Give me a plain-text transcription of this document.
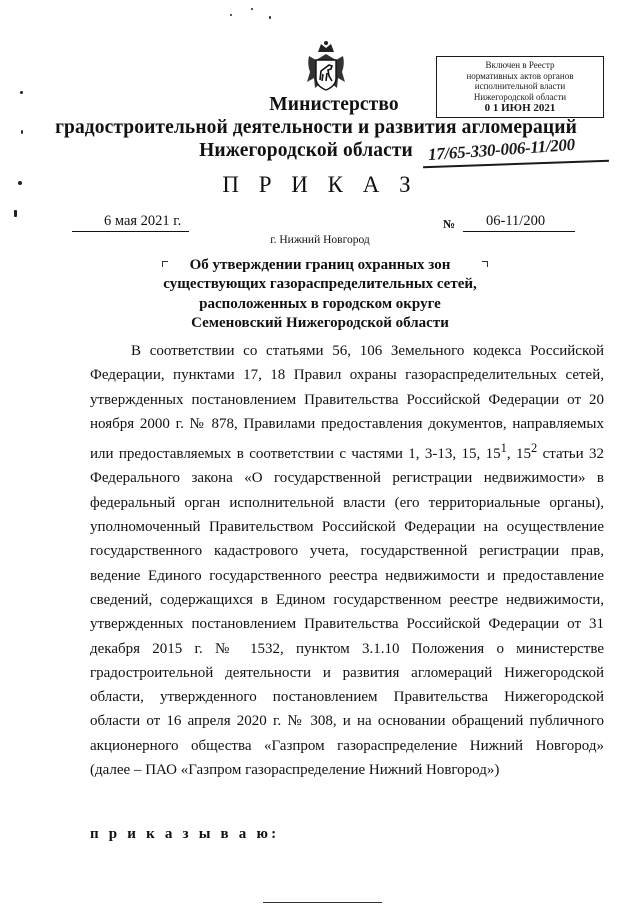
Включен в Реестр
нормативных актов органов
исполнительной власти
Нижегородской области
0 1 ИЮН 2021
Министерство
градостроительной деятельности и развития агломераций
Нижегородской области 17/65-330-006-11/200
П Р И К А З
6 мая 2021 г.	№ 06-11/200
г. Нижний Новгород
Об утверждении границ охранных зон
существующих газораспределительных сетей,
расположенных в городском округе
Семеновский Нижегородской области
В соответствии со статьями 56, 106 Земельного кодекса Российской Федерации, пунктами 17, 18 Правил охраны газораспределительных сетей, утвержденных постановлением Правительства Российской Федерации от 20 ноября 2000 г. № 878, Правилами предоставления документов, направляемых или предоставляемых в соответствии с частями 1, 3-13, 15, $15^1$, $15^2$ статьи 32 Федерального закона «О государственной регистрации недвижимости» в федеральный орган исполнительной власти (его территориальные органы), уполномоченный Правительством Российской Федерации на осуществление государственного кадастрового учета, государственной регистрации прав, ведение Единого государственного реестра недвижимости и предоставление сведений, содержащихся в Едином государственном реестре недвижимости, утвержденных постановлением Правительства Российской Федерации от 31 декабря 2015 г. № 1532, пунктом 3.1.10 Положения о министерстве градостроительной деятельности и развития агломераций Нижегородской области, утвержденного постановлением Правительства Нижегородской области от 16 апреля 2020 г. № 308, и на основании обращений публичного акционерного общества «Газпром газораспределение Нижний Новгород» (далее – ПАО «Газпром газораспределение Нижний Новгород»)
п р и к а з ы в а ю:
